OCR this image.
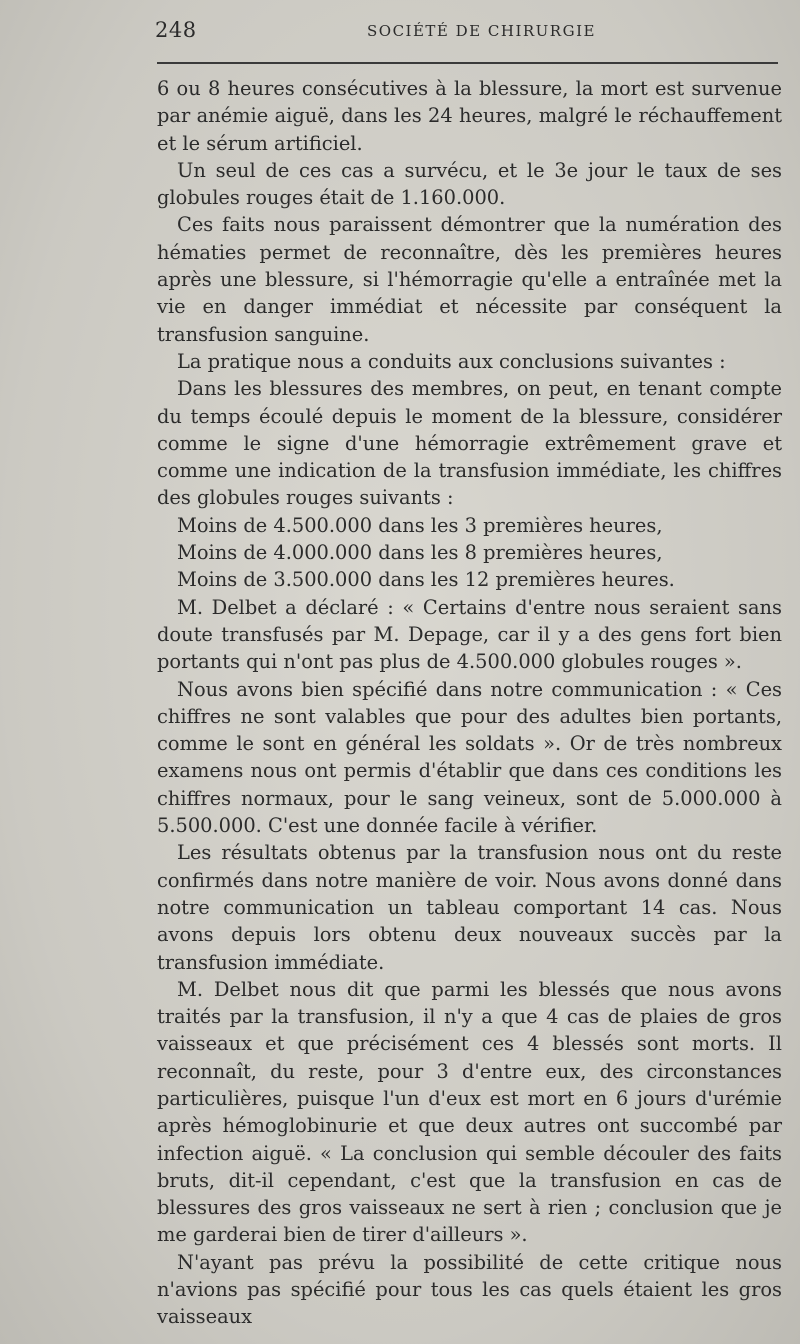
248	SOCIÉTÉ DE CHIRURGIE

6 ou 8 heures consécutives à la blessure, la mort est survenue par anémie aiguë, dans les 24 heures, malgré le réchauffement et le sérum artificiel.

Un seul de ces cas a survécu, et le 3e jour le taux de ses globules rouges était de 1.160.000.

Ces faits nous paraissent démontrer que la numération des hématies permet de reconnaître, dès les premières heures après une blessure, si l'hémorragie qu'elle a entraînée met la vie en danger immédiat et nécessite par conséquent la transfusion sanguine.

La pratique nous a conduits aux conclusions suivantes :

Dans les blessures des membres, on peut, en tenant compte du temps écoulé depuis le moment de la blessure, considérer comme le signe d'une hémorragie extrêmement grave et comme une indication de la transfusion immédiate, les chiffres des globules rouges suivants :

Moins de 4.500.000 dans les 3 premières heures,

Moins de 4.000.000 dans les 8 premières heures,

Moins de 3.500.000 dans les 12 premières heures.

M. Delbet a déclaré : « Certains d'entre nous seraient sans doute transfusés par M. Depage, car il y a des gens fort bien portants qui n'ont pas plus de 4.500.000 globules rouges ».

Nous avons bien spécifié dans notre communication : « Ces chiffres ne sont valables que pour des adultes bien portants, comme le sont en général les soldats ». Or de très nombreux examens nous ont permis d'établir que dans ces conditions les chiffres normaux, pour le sang veineux, sont de 5.000.000 à 5.500.000. C'est une donnée facile à vérifier.

Les résultats obtenus par la transfusion nous ont du reste confirmés dans notre manière de voir. Nous avons donné dans notre communication un tableau comportant 14 cas. Nous avons depuis lors obtenu deux nouveaux succès par la transfusion immédiate.

M. Delbet nous dit que parmi les blessés que nous avons traités par la transfusion, il n'y a que 4 cas de plaies de gros vaisseaux et que précisément ces 4 blessés sont morts. Il reconnaît, du reste, pour 3 d'entre eux, des circonstances particulières, puisque l'un d'eux est mort en 6 jours d'urémie après hémoglobinurie et que deux autres ont succombé par infection aiguë. « La conclusion qui semble découler des faits bruts, dit-il cependant, c'est que la transfusion en cas de blessures des gros vaisseaux ne sert à rien ; conclusion que je me garderai bien de tirer d'ailleurs ».

N'ayant pas prévu la possibilité de cette critique nous n'avions pas spécifié pour tous les cas quels étaient les gros vaisseaux
